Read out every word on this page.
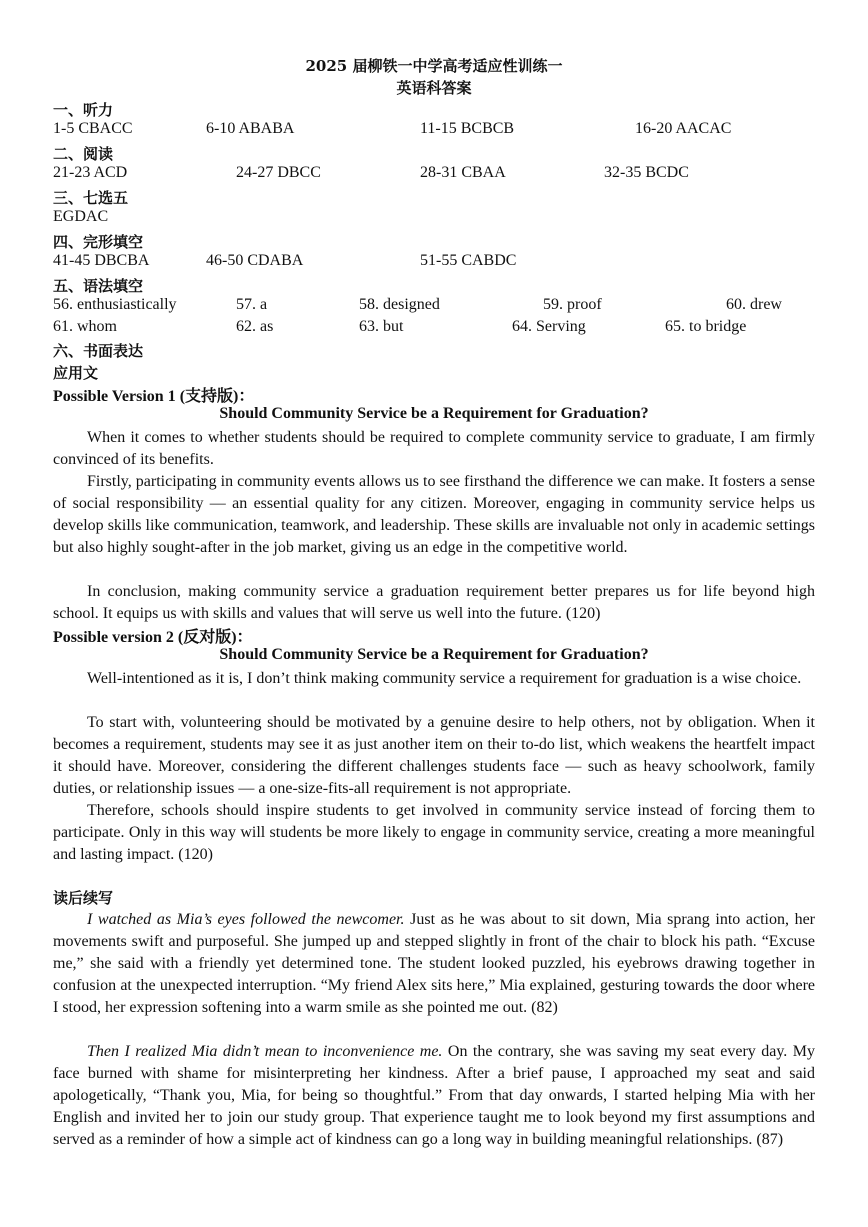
2025 届柳铁一中学高考适应性训练一
英语科答案
一、听力
1-5 CBACC	6-10 ABABA	11-15 BCBCB	16-20 AACAC
二、阅读
21-23 ACD	24-27 DBCC	28-31 CBAA	32-35 BCDC
三、七选五
EGDAC
四、完形填空
41-45 DBCBA	46-50 CDABA	51-55 CABDC
五、语法填空
56. enthusiastically	57. a	58. designed	59. proof	60. drew
61. whom	62. as	63. but	64. Serving	65. to bridge
六、书面表达
应用文
Possible Version 1 (支持版)：
Should Community Service be a Requirement for Graduation?

When it comes to whether students should be required to complete community service to graduate, I am firmly convinced of its benefits.

Firstly, participating in community events allows us to see firsthand the difference we can make. It fosters a sense of social responsibility — an essential quality for any citizen. Moreover, engaging in community service helps us develop skills like communication, teamwork, and leadership. These skills are invaluable not only in academic settings but also highly sought-after in the job market, giving us an edge in the competitive world.

In conclusion, making community service a graduation requirement better prepares us for life beyond high school. It equips us with skills and values that will serve us well into the future. (120)

Possible version 2 (反对版)：
Should Community Service be a Requirement for Graduation?

Well-intentioned as it is, I don’t think making community service a requirement for graduation is a wise choice.

To start with, volunteering should be motivated by a genuine desire to help others, not by obligation. When it becomes a requirement, students may see it as just another item on their to-do list, which weakens the heartfelt impact it should have. Moreover, considering the different challenges students face — such as heavy schoolwork, family duties, or relationship issues — a one-size-fits-all requirement is not appropriate.

Therefore, schools should inspire students to get involved in community service instead of forcing them to participate. Only in this way will students be more likely to engage in community service, creating a more meaningful and lasting impact. (120)

读后续写

I watched as Mia’s eyes followed the newcomer. Just as he was about to sit down, Mia sprang into action, her movements swift and purposeful. She jumped up and stepped slightly in front of the chair to block his path. “Excuse me,” she said with a friendly yet determined tone. The student looked puzzled, his eyebrows drawing together in confusion at the unexpected interruption. “My friend Alex sits here,” Mia explained, gesturing towards the door where I stood, her expression softening into a warm smile as she pointed me out. (82)

Then I realized Mia didn’t mean to inconvenience me. On the contrary, she was saving my seat every day. My face burned with shame for misinterpreting her kindness. After a brief pause, I approached my seat and said apologetically, “Thank you, Mia, for being so thoughtful.” From that day onwards, I started helping Mia with her English and invited her to join our study group. That experience taught me to look beyond my first assumptions and served as a reminder of how a simple act of kindness can go a long way in building meaningful relationships. (87)
